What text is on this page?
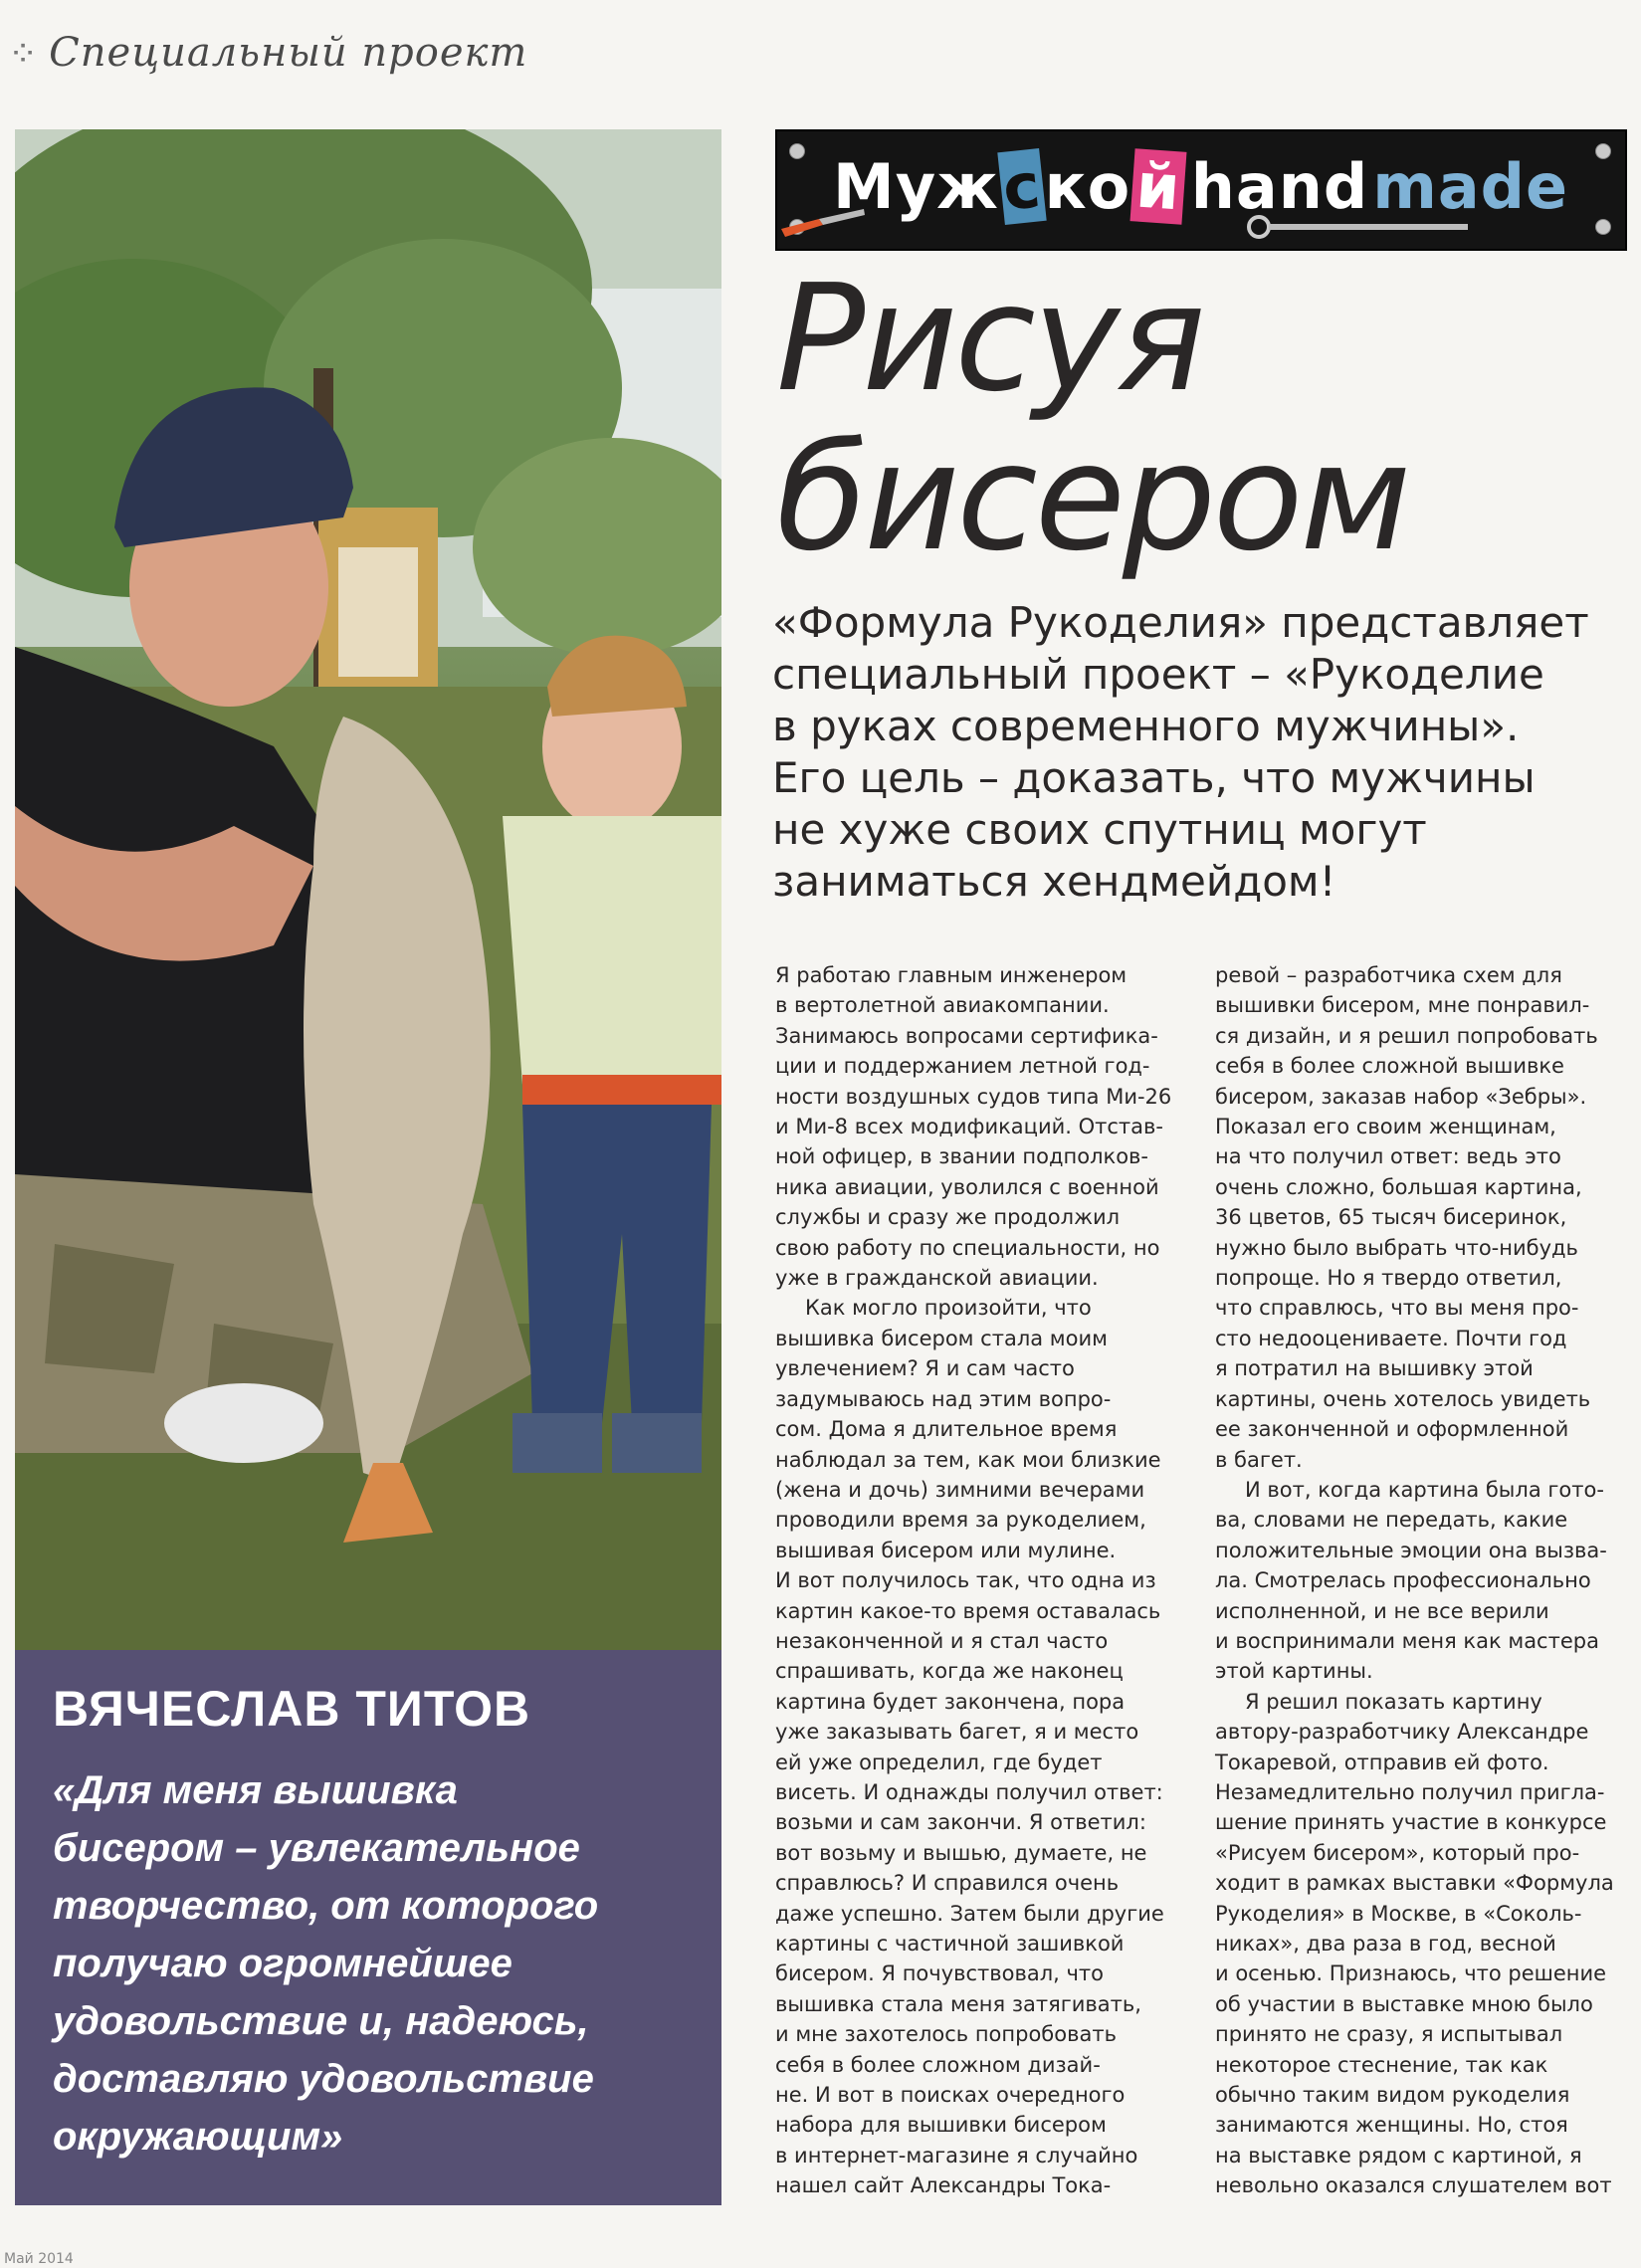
⁘ Специальный проект
ВЯЧЕСЛАВ ТИТОВ
«Для меня вышивка
бисером – увлекательное
творчество, от которого
получаю огромнейшее
удовольствие и, надеюсь,
доставляю удовольствие
окружающим»
Муж с ко й hand made
Рисуя
бисером
«Формула Рукоделия» представляет
специальный проект – «Рукоделие
в руках современного мужчины».
Его цель – доказать, что мужчины
не хуже своих спутниц могут
заниматься хендмейдом!

Я работаю главным инженером

в вертолетной авиакомпании.

Занимаюсь вопросами сертифика-

ции и поддержанием летной год-

ности воздушных судов типа Ми-26

и Ми-8 всех модификаций. Отстав-

ной офицер, в звании подполков-

ника авиации, уволился с военной

службы и сразу же продолжил

свою работу по специальности, но

уже в гражданской авиации.

Как могло произойти, что

вышивка бисером стала моим

увлечением? Я и сам часто

задумываюсь над этим вопро-

сом. Дома я длительное время

наблюдал за тем, как мои близкие

(жена и дочь) зимними вечерами

проводили время за рукоделием,

вышивая бисером или мулине.

И вот получилось так, что одна из

картин какое-то время оставалась

незаконченной и я стал часто

спрашивать, когда же наконец

картина будет закончена, пора

уже заказывать багет, я и место

ей уже определил, где будет

висеть. И однажды получил ответ:

возьми и сам закончи. Я ответил:

вот возьму и вышью, думаете, не

справлюсь? И справился очень

даже успешно. Затем были другие

картины с частичной зашивкой

бисером. Я почувствовал, что

вышивка стала меня затягивать,

и мне захотелось попробовать

себя в более сложном дизай-

не. И вот в поисках очередного

набора для вышивки бисером

в интернет-магазине я случайно

нашел сайт Александры Тока-

ревой – разработчика схем для

вышивки бисером, мне понравил-

ся дизайн, и я решил попробовать

себя в более сложной вышивке

бисером, заказав набор «Зебры».

Показал его своим женщинам,

на что получил ответ: ведь это

очень сложно, большая картина,

36 цветов, 65 тысяч бисеринок,

нужно было выбрать что-нибудь

попроще. Но я твердо ответил,

что справлюсь, что вы меня про-

сто недооцениваете. Почти год

я потратил на вышивку этой

картины, очень хотелось увидеть

ее законченной и оформленной

в багет.

И вот, когда картина была гото-

ва, словами не передать, какие

положительные эмоции она вызва-

ла. Смотрелась профессионально

исполненной, и не все верили

и воспринимали меня как мастера

этой картины.

Я решил показать картину

автору-разработчику Александре

Токаревой, отправив ей фото.

Незамедлительно получил пригла-

шение принять участие в конкурсе

«Рисуем бисером», который про-

ходит в рамках выставки «Формула

Рукоделия» в Москве, в «Соколь-

никах», два раза в год, весной

и осенью. Признаюсь, что решение

об участии в выставке мною было

принято не сразу, я испытывал

некоторое стеснение, так как

обычно таким видом рукоделия

занимаются женщины. Но, стоя

на выставке рядом с картиной, я

невольно оказался слушателем вот

Май 2014
